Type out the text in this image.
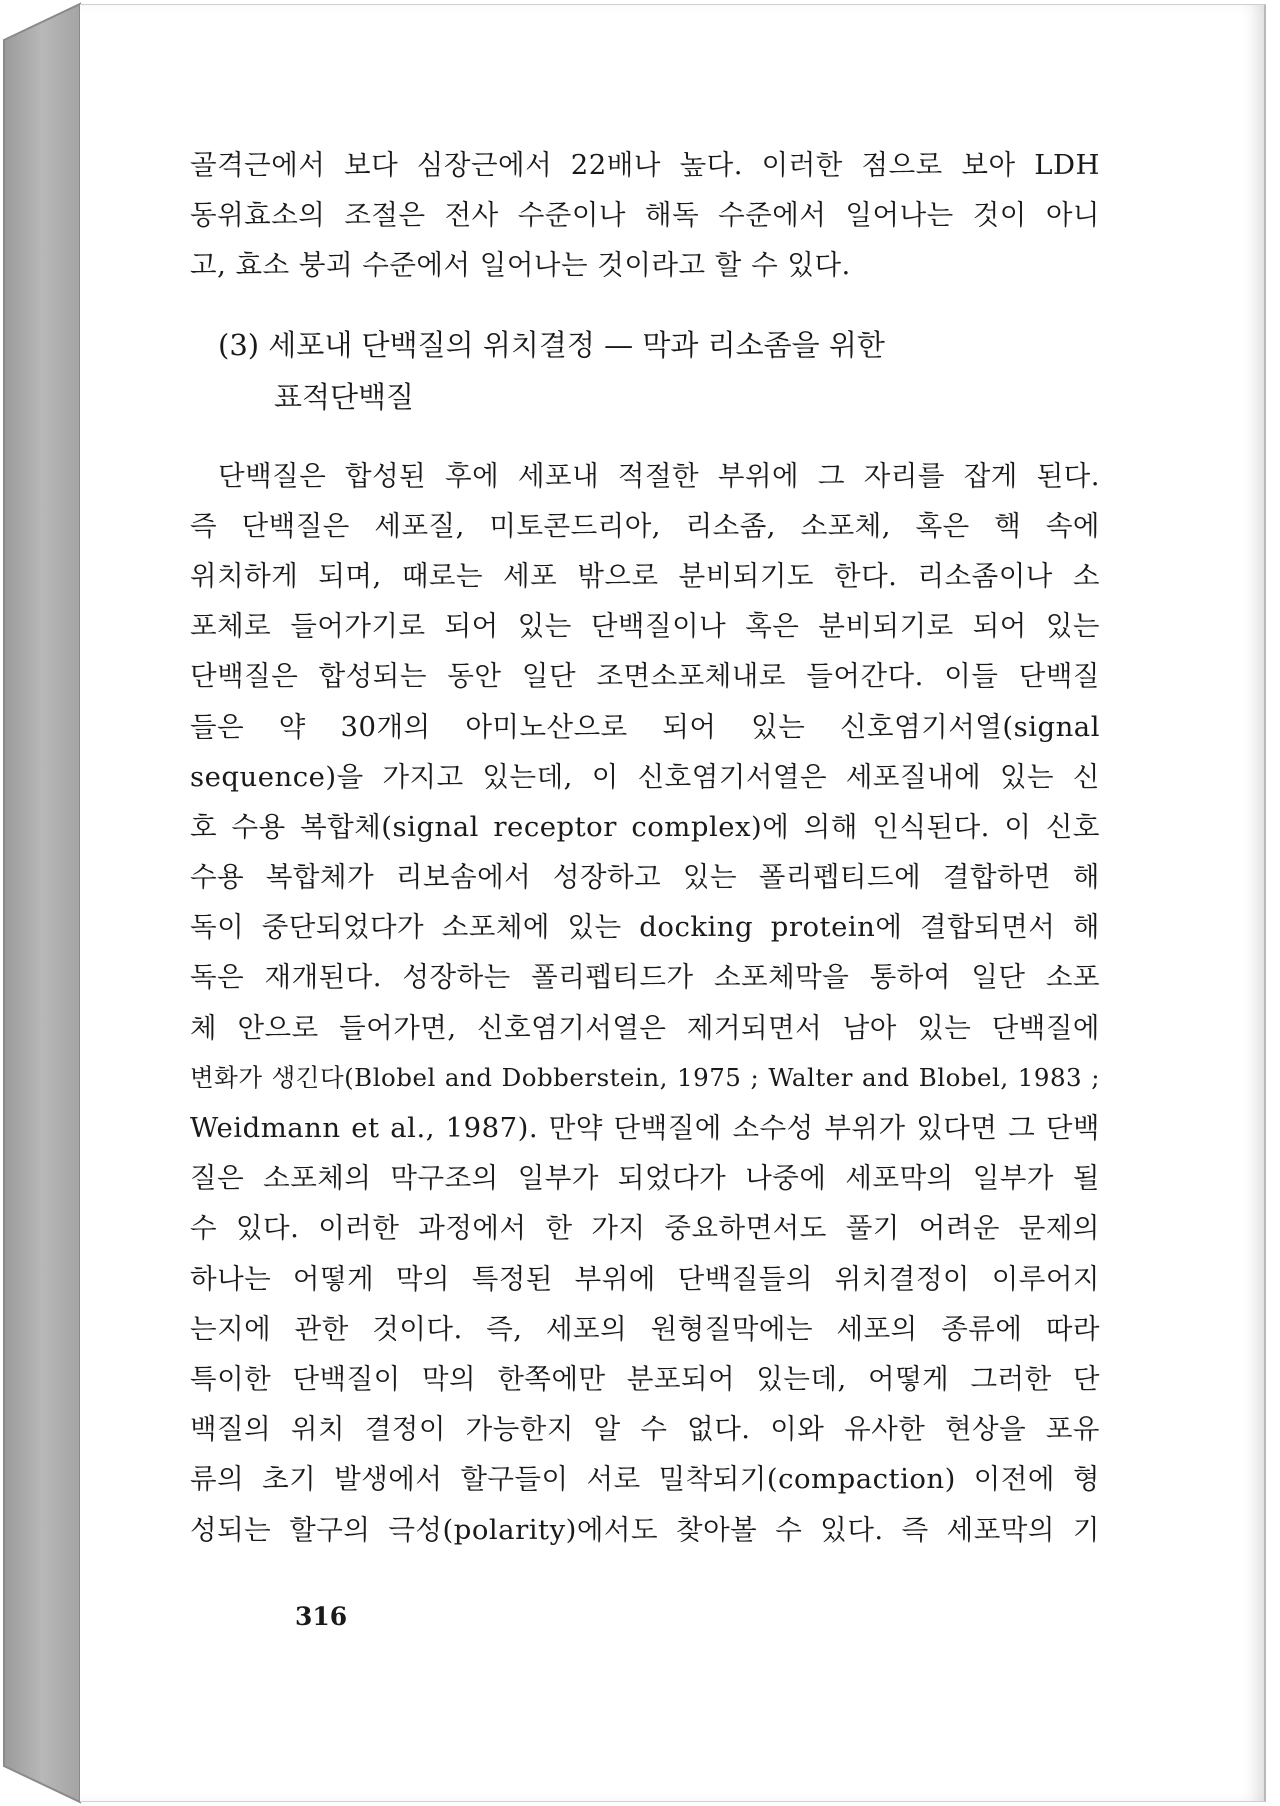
골격근에서 보다 심장근에서 22배나 높다. 이러한 점으로 보아 LDH
동위효소의 조절은 전사 수준이나 해독 수준에서 일어나는 것이 아니
고, 효소 붕괴 수준에서 일어나는 것이라고 할 수 있다.
(3) 세포내 단백질의 위치결정 — 막과 리소좀을 위한
표적단백질
단백질은 합성된 후에 세포내 적절한 부위에 그 자리를 잡게 된다.
즉 단백질은 세포질, 미토콘드리아, 리소좀, 소포체, 혹은 핵 속에
위치하게 되며, 때로는 세포 밖으로 분비되기도 한다. 리소좀이나 소
포체로 들어가기로 되어 있는 단백질이나 혹은 분비되기로 되어 있는
단백질은 합성되는 동안 일단 조면소포체내로 들어간다. 이들 단백질
들은 약 30개의 아미노산으로 되어 있는 신호염기서열(signal
sequence)을 가지고 있는데, 이 신호염기서열은 세포질내에 있는 신
호 수용 복합체(signal receptor complex)에 의해 인식된다. 이 신호
수용 복합체가 리보솜에서 성장하고 있는 폴리펩티드에 결합하면 해
독이 중단되었다가 소포체에 있는 docking protein에 결합되면서 해
독은 재개된다. 성장하는 폴리펩티드가 소포체막을 통하여 일단 소포
체 안으로 들어가면, 신호염기서열은 제거되면서 남아 있는 단백질에
변화가 생긴다(Blobel and Dobberstein, 1975 ; Walter and Blobel, 1983 ;
Weidmann et al., 1987). 만약 단백질에 소수성 부위가 있다면 그 단백
질은 소포체의 막구조의 일부가 되었다가 나중에 세포막의 일부가 될
수 있다. 이러한 과정에서 한 가지 중요하면서도 풀기 어려운 문제의
하나는 어떻게 막의 특정된 부위에 단백질들의 위치결정이 이루어지
는지에 관한 것이다. 즉, 세포의 원형질막에는 세포의 종류에 따라
특이한 단백질이 막의 한쪽에만 분포되어 있는데, 어떻게 그러한 단
백질의 위치 결정이 가능한지 알 수 없다. 이와 유사한 현상을 포유
류의 초기 발생에서 할구들이 서로 밀착되기(compaction) 이전에 형
성되는 할구의 극성(polarity)에서도 찾아볼 수 있다. 즉 세포막의 기
316
